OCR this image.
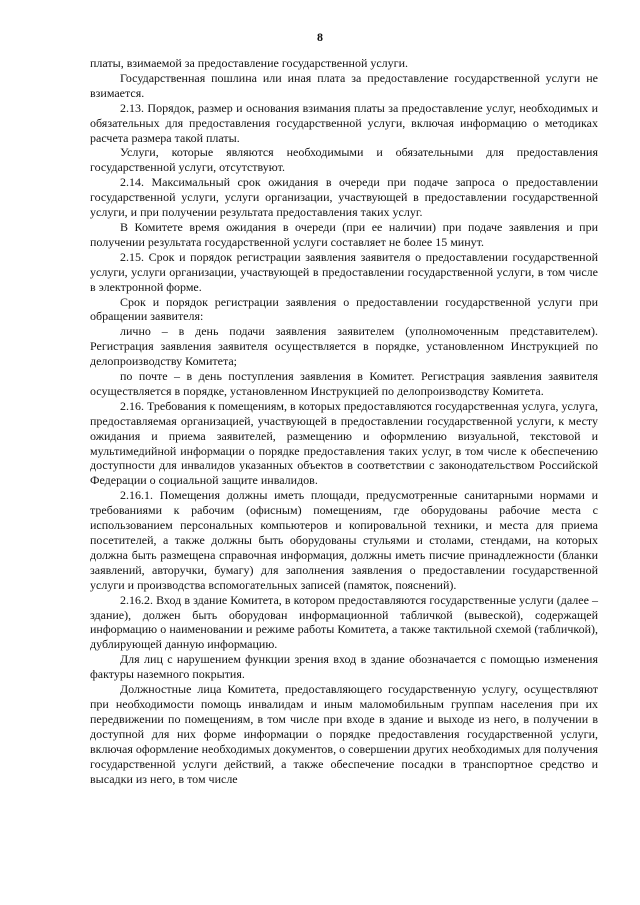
8

платы, взимаемой за предоставление государственной услуги.

Государственная пошлина или иная плата за предоставление государственной услуги не взимается.

2.13. Порядок, размер и основания взимания платы за предоставление услуг, необходимых и обязательных для предоставления государственной услуги, включая информацию о методиках расчета размера такой платы.

Услуги, которые являются необходимыми и обязательными для предоставления государственной услуги, отсутствуют.

2.14. Максимальный срок ожидания в очереди при подаче запроса о предоставлении государственной услуги, услуги организации, участвующей в предоставлении государственной услуги, и при получении результата предоставления таких услуг.

В Комитете время ожидания в очереди (при ее наличии) при подаче заявления и при получении результата государственной услуги составляет не более 15 минут.

2.15. Срок и порядок регистрации заявления заявителя о предоставлении государственной услуги, услуги организации, участвующей в предоставлении государственной услуги, в том числе в электронной форме.

Срок и порядок регистрации заявления о предоставлении государственной услуги при обращении заявителя:

лично – в день подачи заявления заявителем (уполномоченным представителем). Регистрация заявления заявителя осуществляется в порядке, установленном Инструкцией по делопроизводству Комитета;

по почте – в день поступления заявления в Комитет. Регистрация заявления заявителя осуществляется в порядке, установленном Инструкцией по делопроизводству Комитета.

2.16. Требования к помещениям, в которых предоставляются государственная услуга, услуга, предоставляемая организацией, участвующей в предоставлении государственной услуги, к месту ожидания и приема заявителей, размещению и оформлению визуальной, текстовой и мультимедийной информации о порядке предоставления таких услуг, в том числе к обеспечению доступности для инвалидов указанных объектов в соответствии с законодательством Российской Федерации о социальной защите инвалидов.

2.16.1. Помещения должны иметь площади, предусмотренные санитарными нормами и требованиями к рабочим (офисным) помещениям, где оборудованы рабочие места с использованием персональных компьютеров и копировальной техники, и места для приема посетителей, а также должны быть оборудованы стульями и столами, стендами, на которых должна быть размещена справочная информация, должны иметь писчие принадлежности (бланки заявлений, авторучки, бумагу) для заполнения заявления о предоставлении государственной услуги и производства вспомогательных записей (памяток, пояснений).

2.16.2. Вход в здание Комитета, в котором предоставляются государственные услуги (далее – здание), должен быть оборудован информационной табличкой (вывеской), содержащей информацию о наименовании и режиме работы Комитета, а также тактильной схемой (табличкой), дублирующей данную информацию.

Для лиц с нарушением функции зрения вход в здание обозначается с помощью изменения фактуры наземного покрытия.

Должностные лица Комитета, предоставляющего государственную услугу, осуществляют при необходимости помощь инвалидам и иным маломобильным группам населения при их передвижении по помещениям, в том числе при входе в здание и выходе из него, в получении в доступной для них форме информации о порядке предоставления государственной услуги, включая оформление необходимых документов, о совершении других необходимых для получения государственной услуги действий, а также обеспечение посадки в транспортное средство и высадки из него, в том числе
